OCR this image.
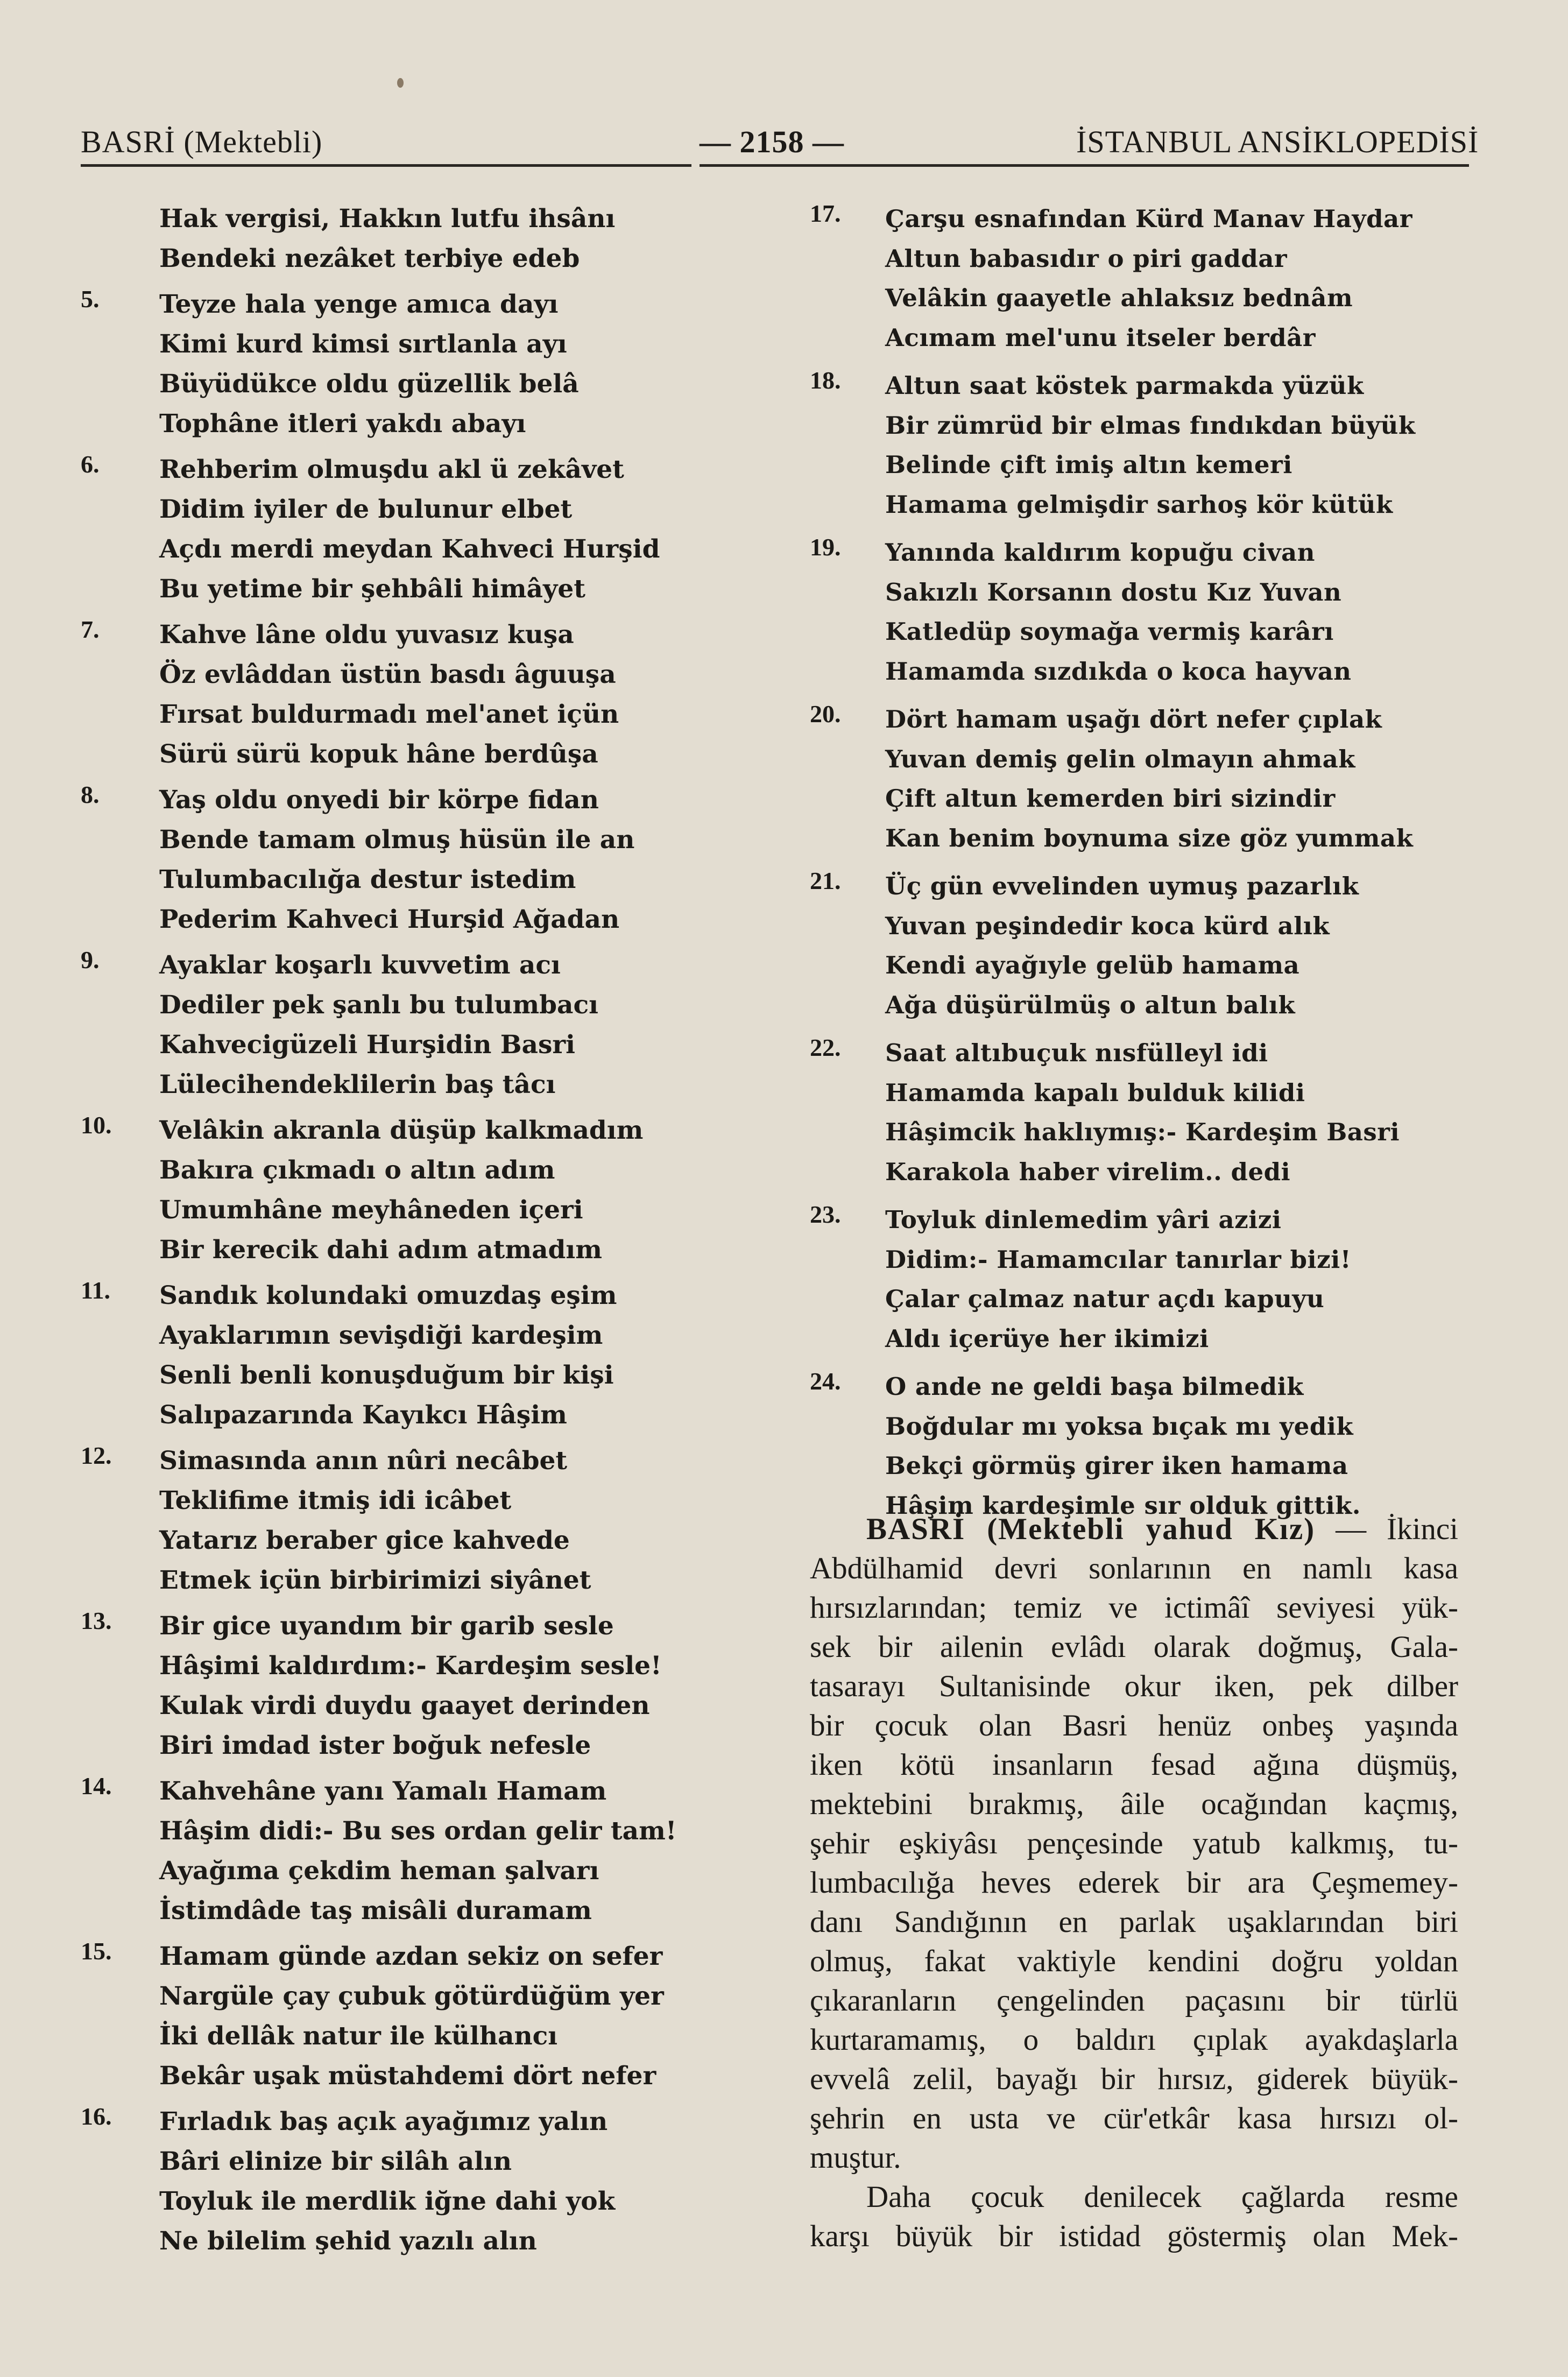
BASRİ (Mektebli)	— 2158 —	İSTANBUL ANSİKLOPEDİSİ
Hak vergisi, Hakkın lutfu ihsânı
Bendeki nezâket terbiye edeb
5. Teyze hala yenge amıca dayı
Kimi kurd kimsi sırtlanla ayı
Büyüdükce oldu güzellik belâ
Tophâne itleri yakdı abayı
6. Rehberim olmuşdu akl ü zekâvet
Didim iyiler de bulunur elbet
Açdı merdi meydan Kahveci Hurşid
Bu yetime bir şehbâli himâyet
7. Kahve lâne oldu yuvasız kuşa
Öz evlâddan üstün basdı âguuşa
Fırsat buldurmadı mel'anet içün
Sürü sürü kopuk hâne berdûşa
8. Yaş oldu onyedi bir körpe fidan
Bende tamam olmuş hüsün ile an
Tulumbacılığa destur istedim
Pederim Kahveci Hurşid Ağadan
9. Ayaklar koşarlı kuvvetim acı
Dediler pek şanlı bu tulumbacı
Kahvecigüzeli Hurşidin Basri
Lülecihendeklilerin baş tâcı
10. Velâkin akranla düşüp kalkmadım
Bakıra çıkmadı o altın adım
Umumhâne meyhâneden içeri
Bir kerecik dahi adım atmadım
11. Sandık kolundaki omuzdaş eşim
Ayaklarımın sevişdiği kardeşim
Senli benli konuşduğum bir kişi
Salıpazarında Kayıkcı Hâşim
12. Simasında anın nûri necâbet
Teklifime itmiş idi icâbet
Yatarız beraber gice kahvede
Etmek içün birbirimizi siyânet
13. Bir gice uyandım bir garib sesle
Hâşimi kaldırdım:- Kardeşim sesle!
Kulak virdi duydu gaayet derinden
Biri imdad ister boğuk nefesle
14. Kahvehâne yanı Yamalı Hamam
Hâşim didi:- Bu ses ordan gelir tam!
Ayağıma çekdim heman şalvarı
İstimdâde taş misâli duramam
15. Hamam günde azdan sekiz on sefer
Nargüle çay çubuk götürdüğüm yer
İki dellâk natur ile külhancı
Bekâr uşak müstahdemi dört nefer
16. Fırladık baş açık ayağımız yalın
Bâri elinize bir silâh alın
Toyluk ile merdlik iğne dahi yok
Ne bilelim şehid yazılı alın
17. Çarşu esnafından Kürd Manav Haydar
Altun babasıdır o piri gaddar
Velâkin gaayetle ahlaksız bednâm
Acımam mel'unu itseler berdâr
18. Altun saat köstek parmakda yüzük
Bir zümrüd bir elmas fındıkdan büyük
Belinde çift imiş altın kemeri
Hamama gelmişdir sarhoş kör kütük
19. Yanında kaldırım kopuğu civan
Sakızlı Korsanın dostu Kız Yuvan
Katledüp soymağa vermiş karârı
Hamamda sızdıkda o koca hayvan
20. Dört hamam uşağı dört nefer çıplak
Yuvan demiş gelin olmayın ahmak
Çift altun kemerden biri sizindir
Kan benim boynuma size göz yummak
21. Üç gün evvelinden uymuş pazarlık
Yuvan peşindedir koca kürd alık
Kendi ayağıyle gelüb hamama
Ağa düşürülmüş o altun balık
22. Saat altıbuçuk nısfülleyl idi
Hamamda kapalı bulduk kilidi
Hâşimcik haklıymış:- Kardeşim Basri
Karakola haber virelim.. dedi
23. Toyluk dinlemedim yâri azizi
Didim:- Hamamcılar tanırlar bizi!
Çalar çalmaz natur açdı kapuyu
Aldı içerüye her ikimizi
24. O ande ne geldi başa bilmedik
Boğdular mı yoksa bıçak mı yedik
Bekçi görmüş girer iken hamama
Hâşim kardeşimle sır olduk gittik.

BASRİ (Mektebli yahud Kız) — İkinci

Abdülhamid devri sonlarının en namlı kasa

hırsızlarından; temiz ve ictimâî seviyesi yük-

sek bir ailenin evlâdı olarak doğmuş, Gala-

tasarayı Sultanisinde okur iken, pek dilber

bir çocuk olan Basri henüz onbeş yaşında

iken kötü insanların fesad ağına düşmüş,

mektebini bırakmış, âile ocağından kaçmış,

şehir eşkiyâsı pençesinde yatub kalkmış, tu-

lumbacılığa heves ederek bir ara Çeşmemey-

danı Sandığının en parlak uşaklarından biri

olmuş, fakat vaktiyle kendini doğru yoldan

çıkaranların çengelinden paçasını bir türlü

kurtaramamış, o baldırı çıplak ayakdaşlarla

evvelâ zelil, bayağı bir hırsız, giderek büyük-

şehrin en usta ve cür'etkâr kasa hırsızı ol-

muştur.

Daha çocuk denilecek çağlarda resme

karşı büyük bir istidad göstermiş olan Mek-
